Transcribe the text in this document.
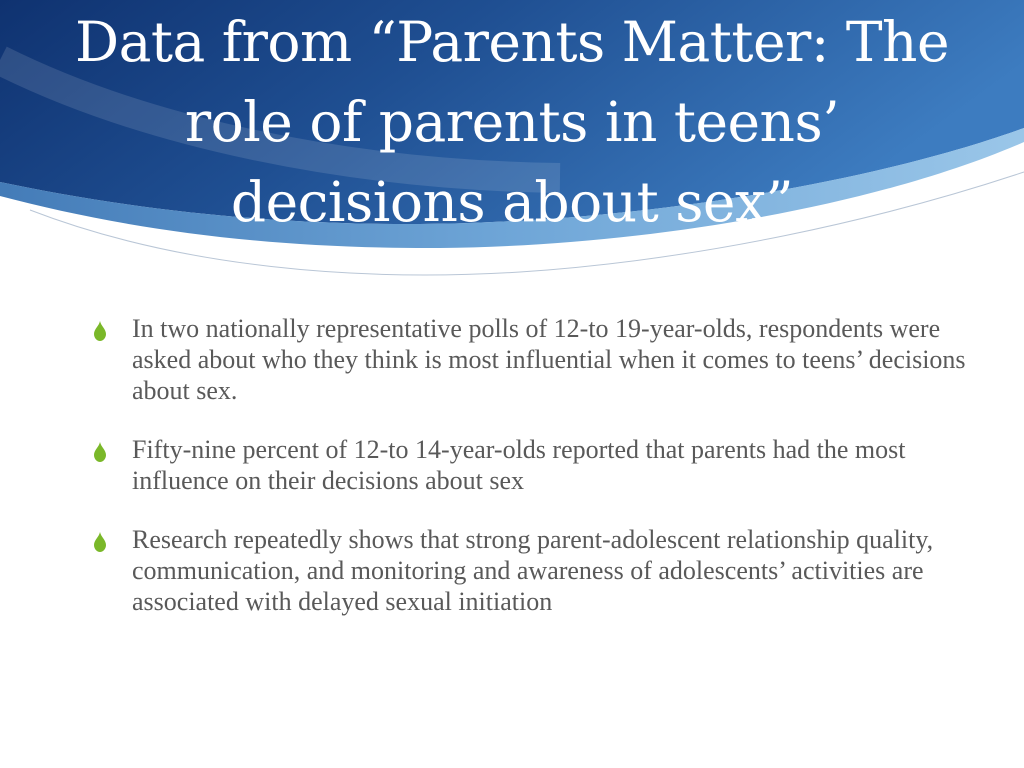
Data from “Parents Matter: The role of parents in teens’ decisions about sex”
In two nationally representative polls of 12-to 19-year-olds, respondents were asked about who they think is most influential when it comes to teens’ decisions about sex.
Fifty-nine percent of 12-to 14-year-olds reported that parents had the most influence on their decisions about sex
Research repeatedly shows that strong parent-adolescent relationship quality, communication, and monitoring and awareness of adolescents’ activities are associated with delayed sexual initiation
